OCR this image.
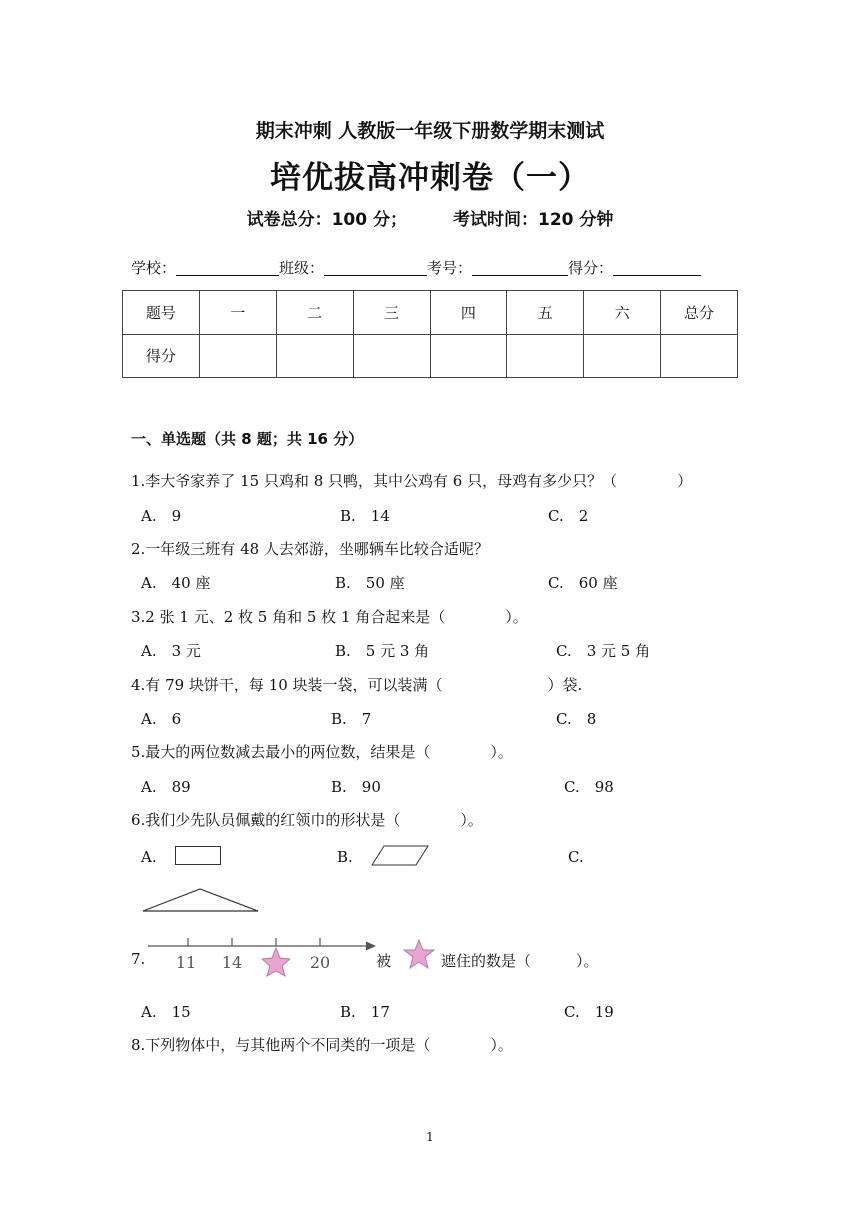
期末冲刺 人教版一年级下册数学期末测试
培优拔高冲刺卷（一）
试卷总分：100 分；	考试时间：120 分钟
学校：	班级：	考号：	得分：
题号	一	二	三	四	五	六	总分
得分							
一、单选题（共 8 题；共 16 分）
1.李大爷家养了 15 只鸡和 8 只鸭，其中公鸡有 6 只，母鸡有多少只？（　　　　）
A.　9	B.　14	C.　2
2.一年级三班有 48 人去郊游，坐哪辆车比较合适呢？
A.　40 座	B.　50 座	C.　60 座
3.2 张 1 元、2 枚 5 角和 5 枚 1 角合起来是（　　　　）。
A.　3 元	B.　5 元 3 角	C.　3 元 5 角
4.有 79 块饼干，每 10 块装一袋，可以装满（　　　　　　　）袋.
A.　6	B.　7	C.　8
5.最大的两位数减去最小的两位数，结果是（　　　　）。
A.　89	B.　90	C.　98
6.我们少先队员佩戴的红领巾的形状是（　　　　）。
A.	B.	C.
7. 11 14	20	被	遮住的数是（　　　）。
A.　15	B.　17	C.　19
8.下列物体中，与其他两个不同类的一项是（　　　　）。
1
